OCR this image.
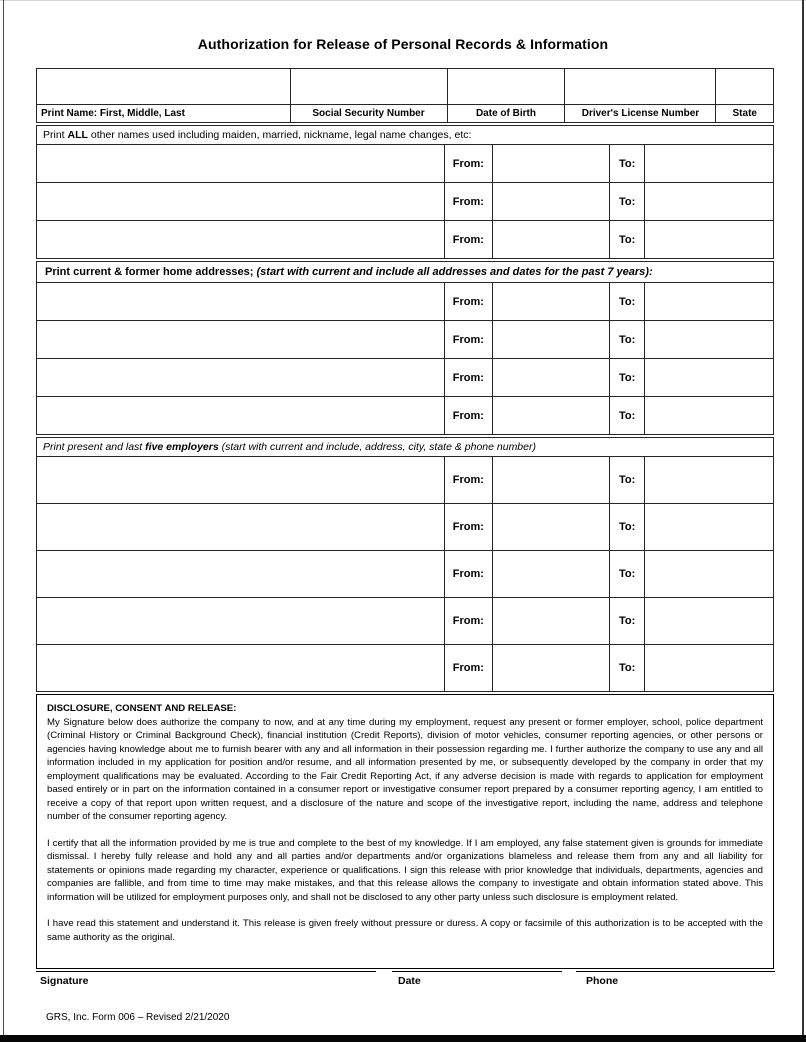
Authorization for Release of Personal Records & Information

Print Name: First, Middle, Last	Social Security Number	Date of Birth	Driver's License Number	State
Print ALL other names used including maiden, married, nickname, legal name changes, etc:				
	From:		To:	
	From:		To:	
	From:		To:	
Print current & former home addresses; (start with current and include all addresses and dates for the past 7 years):				
	From:		To:	
	From:		To:	
	From:		To:	
	From:		To:	
Print present and last five employers (start with current and include, address, city, state & phone number)				
	From:		To:	
	From:		To:	
	From:		To:	
	From:		To:	
	From:		To:	

DISCLOSURE, CONSENT AND RELEASE:

My Signature below does authorize the company to now, and at any time during my employment, request any present or former employer, school, police department (Criminal History or Criminal Background Check), financial institution (Credit Reports), division of motor vehicles, consumer reporting agencies, or other persons or agencies having knowledge about me to furnish bearer with any and all information in their possession regarding me. I further authorize the company to use any and all information included in my application for position and/or resume, and all information presented by me, or subsequently developed by the company in order that my employment qualifications may be evaluated. According to the Fair Credit Reporting Act, if any adverse decision is made with regards to application for employment based entirely or in part on the information contained in a consumer report or investigative consumer report prepared by a consumer reporting agency, I am entitled to receive a copy of that report upon written request, and a disclosure of the nature and scope of the investigative report, including the name, address and telephone number of the consumer reporting agency.

I certify that all the information provided by me is true and complete to the best of my knowledge. If I am employed, any false statement given is grounds for immediate dismissal. I hereby fully release and hold any and all parties and/or departments and/or organizations blameless and release them from any and all liability for statements or opinions made regarding my character, experience or qualifications. I sign this release with prior knowledge that individuals, departments, agencies and companies are fallible, and from time to time may make mistakes, and that this release allows the company to investigate and obtain information stated above. This information will be utilized for employment purposes only, and shall not be disclosed to any other party unless such disclosure is employment related.

I have read this statement and understand it. This release is given freely without pressure or duress. A copy or facsimile of this authorization is to be accepted with the same authority as the original.

Signature	Date	Phone
GRS, Inc. Form 006 – Revised 2/21/2020
